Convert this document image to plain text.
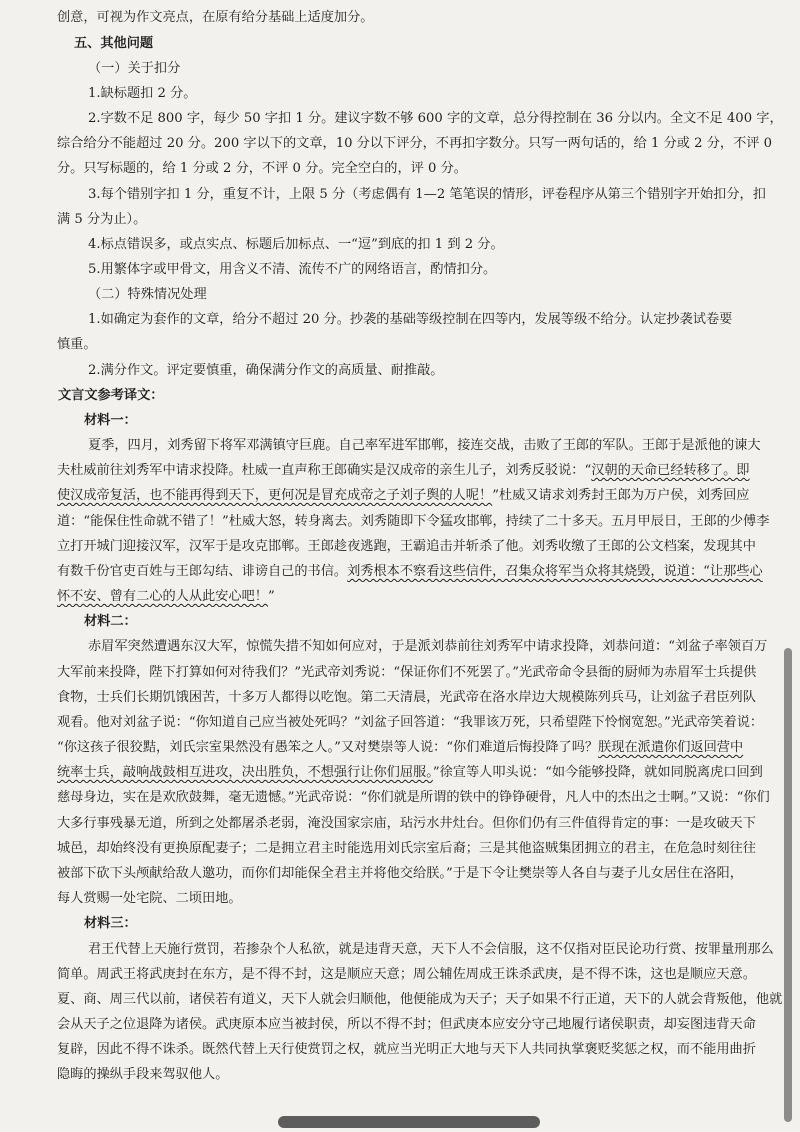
创意，可视为作文亮点，在原有给分基础上适度加分。
五、其他问题
（一）关于扣分
1.缺标题扣 2 分。
2.字数不足 800 字，每少 50 字扣 1 分。建议字数不够 600 字的文章，总分得控制在 36 分以内。全文不足 400 字，
综合给分不能超过 20 分。200 字以下的文章，10 分以下评分，不再扣字数分。只写一两句话的，给 1 分或 2 分，不评 0
分。只写标题的，给 1 分或 2 分，不评 0 分。完全空白的，评 0 分。
3.每个错别字扣 1 分，重复不计，上限 5 分（考虑偶有 1—2 笔笔误的情形，评卷程序从第三个错别字开始扣分，扣
满 5 分为止）。
4.标点错误多，或点实点、标题后加标点、一“逗”到底的扣 1 到 2 分。
5.用繁体字或甲骨文，用含义不清、流传不广的网络语言，酌情扣分。
（二）特殊情况处理
1.如确定为套作的文章，给分不超过 20 分。抄袭的基础等级控制在四等内，发展等级不给分。认定抄袭试卷要
慎重。
2.满分作文。评定要慎重，确保满分作文的高质量、耐推敲。
文言文参考译文：
材料一：
夏季，四月，刘秀留下将军邓满镇守巨鹿。自己率军进军邯郸，接连交战，击败了王郎的军队。王郎于是派他的谏大
夫杜威前往刘秀军中请求投降。杜威一直声称王郎确实是汉成帝的亲生儿子，刘秀反驳说：“汉朝的天命已经转移了。即
使汉成帝复活，也不能再得到天下，更何况是冒充成帝之子刘子舆的人呢！”杜威又请求刘秀封王郎为万户侯，刘秀回应
道：“能保住性命就不错了！”杜威大怒，转身离去。刘秀随即下令猛攻邯郸，持续了二十多天。五月甲辰日，王郎的少傅李
立打开城门迎接汉军，汉军于是攻克邯郸。王郎趁夜逃跑，王霸追击并斩杀了他。刘秀收缴了王郎的公文档案，发现其中
有数千份官吏百姓与王郎勾结、诽谤自己的书信。刘秀根本不察看这些信件，召集众将军当众将其烧毁，说道：“让那些心
怀不安、曾有二心的人从此安心吧！”
材料二：
赤眉军突然遭遇东汉大军，惊慌失措不知如何应对，于是派刘恭前往刘秀军中请求投降，刘恭问道：“刘盆子率领百万
大军前来投降，陛下打算如何对待我们？”光武帝刘秀说：“保证你们不死罢了。”光武帝命令县衙的厨师为赤眉军士兵提供
食物，士兵们长期饥饿困苦，十多万人都得以吃饱。第二天清晨，光武帝在洛水岸边大规模陈列兵马，让刘盆子君臣列队
观看。他对刘盆子说：“你知道自己应当被处死吗？”刘盆子回答道：“我罪该万死，只希望陛下怜悯宽恕。”光武帝笑着说：
“你这孩子很狡黠，刘氏宗室果然没有愚笨之人。”又对樊崇等人说：“你们难道后悔投降了吗？朕现在派遣你们返回营中
统率士兵，敲响战鼓相互进攻，决出胜负，不想强行让你们屈服。”徐宣等人叩头说：“如今能够投降，就如同脱离虎口回到
慈母身边，实在是欢欣鼓舞，毫无遗憾。”光武帝说：“你们就是所谓的铁中的铮铮硬骨，凡人中的杰出之士啊。”又说：“你们
大多行事残暴无道，所到之处都屠杀老弱，淹没国家宗庙，玷污水井灶台。但你们仍有三件值得肯定的事：一是攻破天下
城邑，却始终没有更换原配妻子；二是拥立君主时能选用刘氏宗室后裔；三是其他盗贼集团拥立的君主，在危急时刻往往
被部下砍下头颅献给敌人邀功，而你们却能保全君主并将他交给朕。”于是下令让樊崇等人各自与妻子儿女居住在洛阳，
每人赏赐一处宅院、二顷田地。
材料三：
君王代替上天施行赏罚，若掺杂个人私欲，就是违背天意，天下人不会信服，这不仅指对臣民论功行赏、按罪量刑那么
简单。周武王将武庚封在东方，是不得不封，这是顺应天意；周公辅佐周成王诛杀武庚，是不得不诛，这也是顺应天意。
夏、商、周三代以前，诸侯若有道义，天下人就会归顺他，他便能成为天子；天子如果不行正道，天下的人就会背叛他，他就
会从天子之位退降为诸侯。武庚原本应当被封侯，所以不得不封；但武庚本应安分守己地履行诸侯职责，却妄图违背天命
复辟，因此不得不诛杀。既然代替上天行使赏罚之权，就应当光明正大地与天下人共同执掌褒贬奖惩之权，而不能用曲折
隐晦的操纵手段来驾驭他人。
